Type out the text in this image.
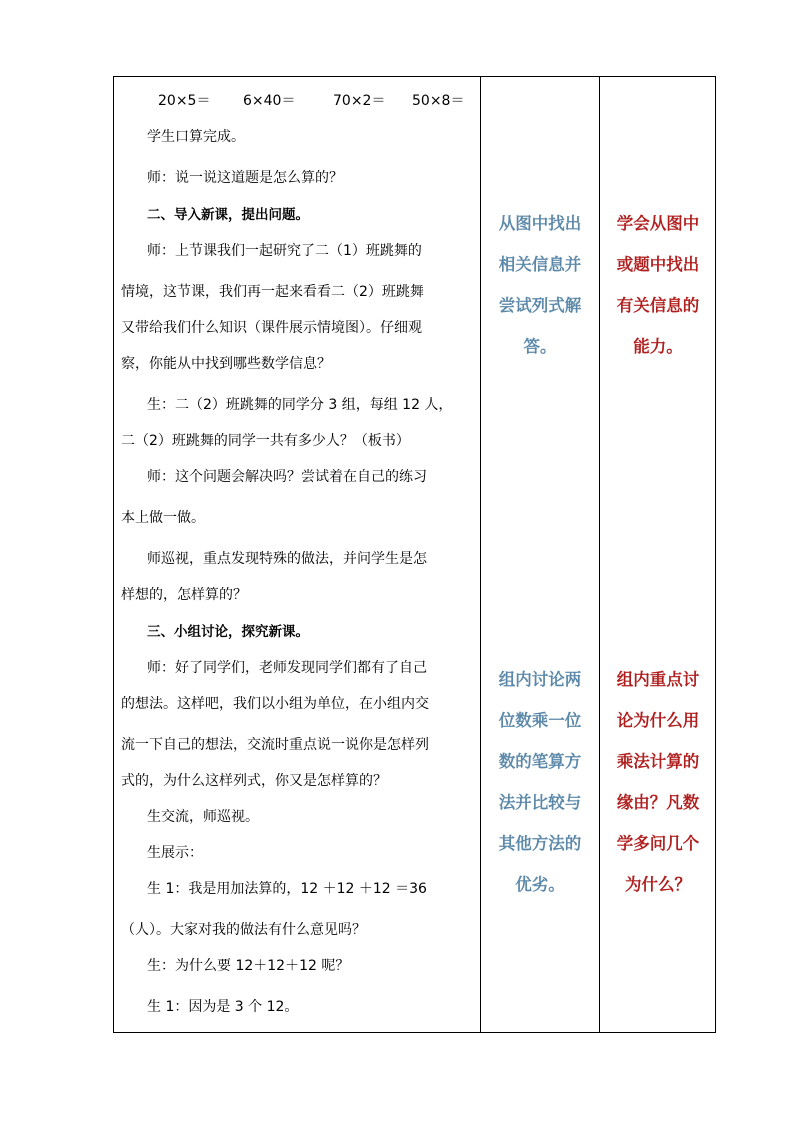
20×5＝ 6×40＝	70×2＝ 50×8＝
学生口算完成。
师：说一说这道题是怎么算的？
二、导入新课，提出问题。
师：上节课我们一起研究了二（1）班跳舞的
情境，这节课，我们再一起来看看二（2）班跳舞
又带给我们什么知识（课件展示情境图）。仔细观
察，你能从中找到哪些数学信息？
生：二（2）班跳舞的同学分 3 组，每组 12 人，
二（2）班跳舞的同学一共有多少人？（板书）
师：这个问题会解决吗？尝试着在自己的练习
本上做一做。
师巡视，重点发现特殊的做法，并问学生是怎
样想的，怎样算的？
三、小组讨论，探究新课。
师：好了同学们，老师发现同学们都有了自己
的想法。这样吧，我们以小组为单位，在小组内交
流一下自己的想法，交流时重点说一说你是怎样列
式的，为什么这样列式，你又是怎样算的？
生交流，师巡视。
生展示：
生 1：我是用加法算的，12 ＋12 ＋12 ＝36
（人）。大家对我的做法有什么意见吗？
生：为什么要 12＋12＋12 呢？
生 1：因为是 3 个 12。
从图中找出
相关信息并
尝试列式解
答。
组内讨论两
位数乘一位
数的笔算方
法并比较与
其他方法的
优劣。
学会从图中
或题中找出
有关信息的
能力。
组内重点讨
论为什么用
乘法计算的
缘由？凡数
学多问几个
为什么？
